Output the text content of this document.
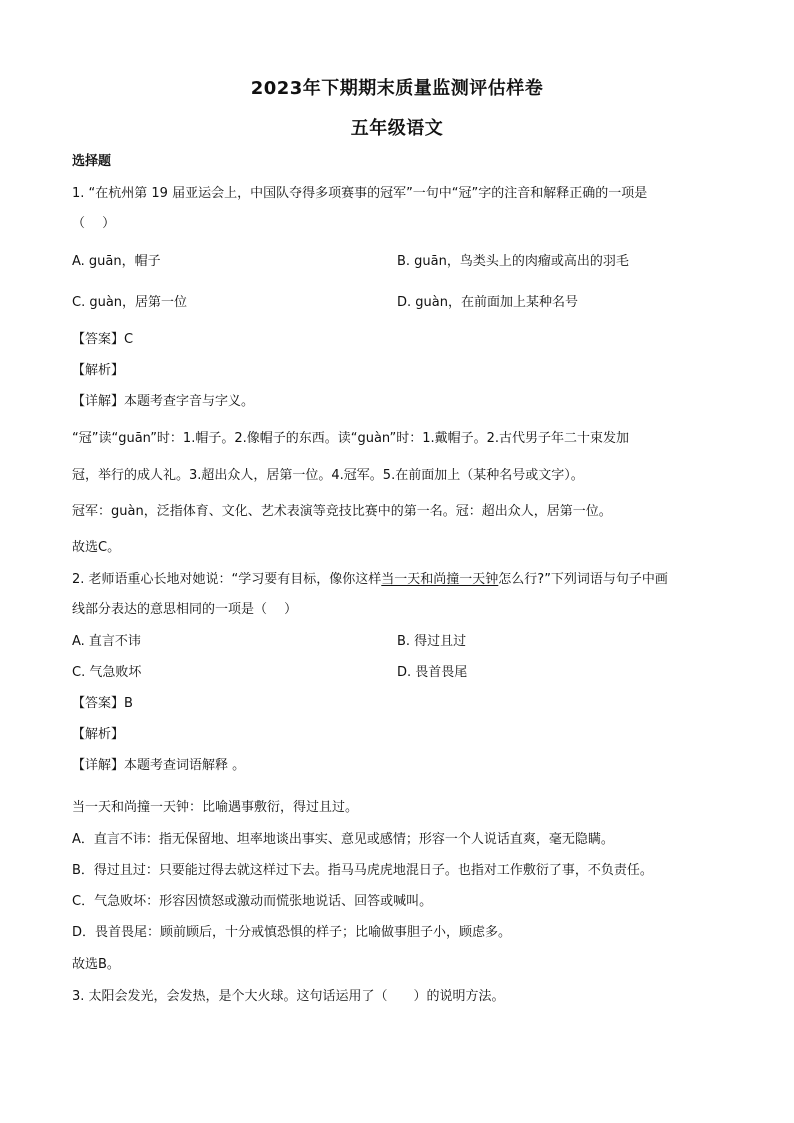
2023年下期期末质量监测评估样卷
五年级语文
选择题
1. “在杭州第 19 届亚运会上，中国队夺得多项赛事的冠军”一句中“冠”字的注音和解释正确的一项是
（　 ）
A. guān，帽子	B. guān，鸟类头上的肉瘤或高出的羽毛
C. guàn，居第一位	D. guàn，在前面加上某种名号
【答案】C
【解析】
【详解】本题考查字音与字义。
“冠”读“guān”时：1.帽子。2.像帽子的东西。读“guàn”时：1.戴帽子。2.古代男子年二十束发加
冠，举行的成人礼。3.超出众人，居第一位。4.冠军。5.在前面加上（某种名号或文字）。
冠军：guàn，泛指体育、文化、艺术表演等竞技比赛中的第一名。冠：超出众人，居第一位。
故选C。
2. 老师语重心长地对她说：“学习要有目标，像你这样当一天和尚撞一天钟怎么行?”下列词语与句子中画
线部分表达的意思相同的一项是（　 ）
A. 直言不讳	B. 得过且过
C. 气急败坏	D. 畏首畏尾
【答案】B
【解析】
【详解】本题考查词语解释 。
当一天和尚撞一天钟：比喻遇事敷衍，得过且过。
A．直言不讳：指无保留地、坦率地谈出事实、意见或感情；形容一个人说话直爽，毫无隐瞒。
B．得过且过：只要能过得去就这样过下去。指马马虎虎地混日子。也指对工作敷衍了事，不负责任。
C．气急败坏：形容因愤怒或激动而慌张地说话、回答或喊叫。
D．畏首畏尾：顾前顾后，十分戒慎恐惧的样子；比喻做事胆子小，顾虑多。
故选B。
3. 太阳会发光，会发热，是个大火球。这句话运用了（　　）的说明方法。
